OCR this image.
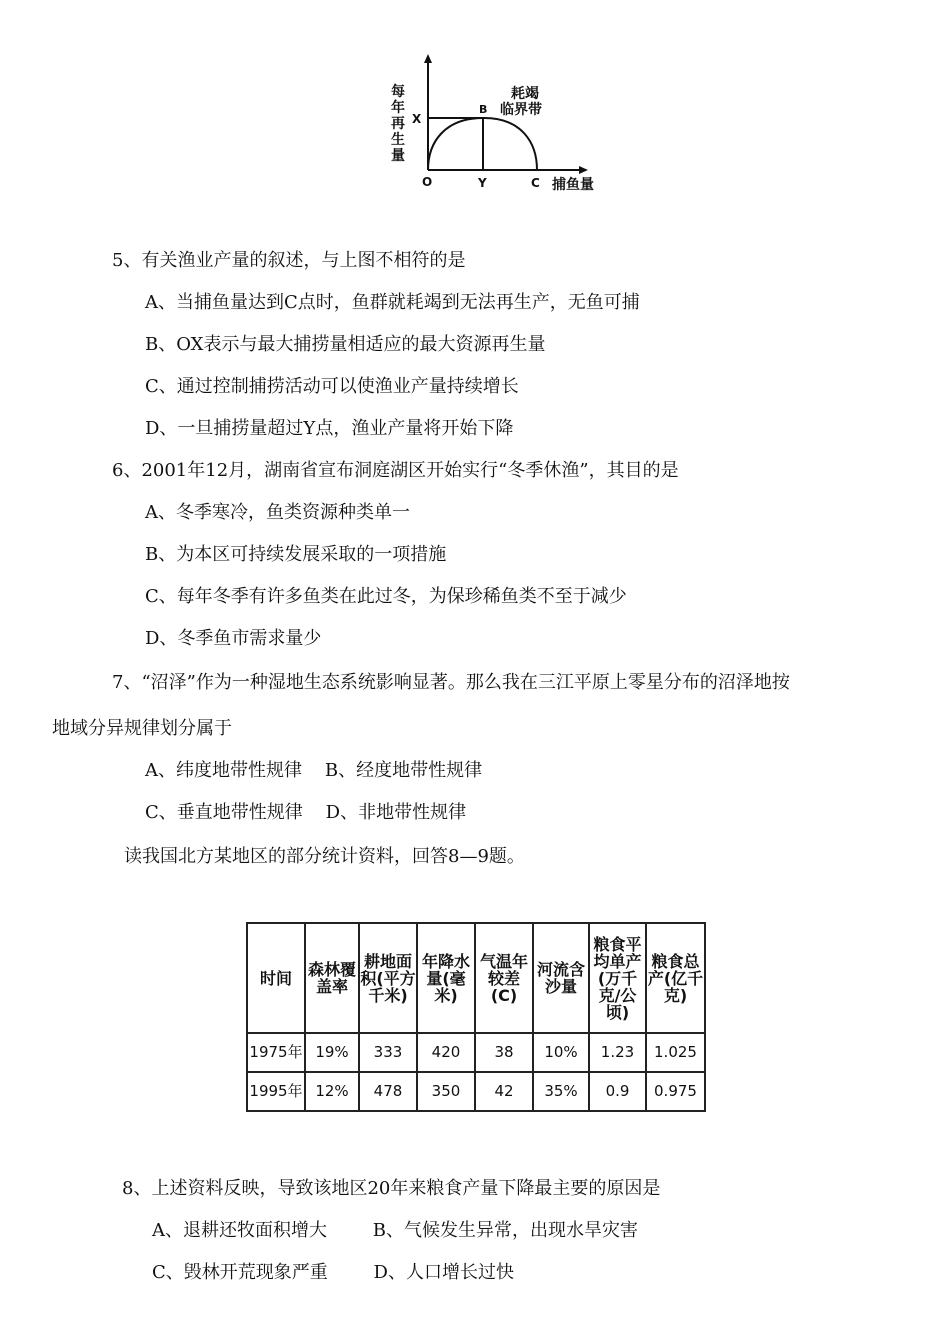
每
年
再
生
量
X
O	Y	C
B
耗竭
临界带
捕鱼量
5、有关渔业产量的叙述，与上图不相符的是
A、当捕鱼量达到C点时，鱼群就耗竭到无法再生产，无鱼可捕
B、OX表示与最大捕捞量相适应的最大资源再生量
C、通过控制捕捞活动可以使渔业产量持续增长
D、一旦捕捞量超过Y点，渔业产量将开始下降
6、2001年12月，湖南省宣布洞庭湖区开始实行“冬季休渔”，其目的是
A、冬季寒冷，鱼类资源种类单一
B、为本区可持续发展采取的一项措施
C、每年冬季有许多鱼类在此过冬，为保珍稀鱼类不至于减少
D、冬季鱼市需求量少
7、“沼泽”作为一种湿地生态系统影响显著。那么我在三江平原上零星分布的沼泽地按
地域分异规律划分属于
A、纬度地带性规律    B、经度地带性规律
C、垂直地带性规律    D、非地带性规律
读我国北方某地区的部分统计资料，回答8—9题。
时间	森林覆盖率	耕地面积(平方千米)	年降水量(毫米)	气温年较差(C)	河流含沙量	粮食平均单产(万千克/公顷)	粮食总产(亿千克)
1975年	19%	333	420	38	10%	1.23	1.025
1995年	12%	478	350	42	35%	0.9	0.975
8、上述资料反映，导致该地区20年来粮食产量下降最主要的原因是
A、退耕还牧面积增大        B、气候发生异常，出现水旱灾害
C、毁林开荒现象严重        D、人口增长过快
